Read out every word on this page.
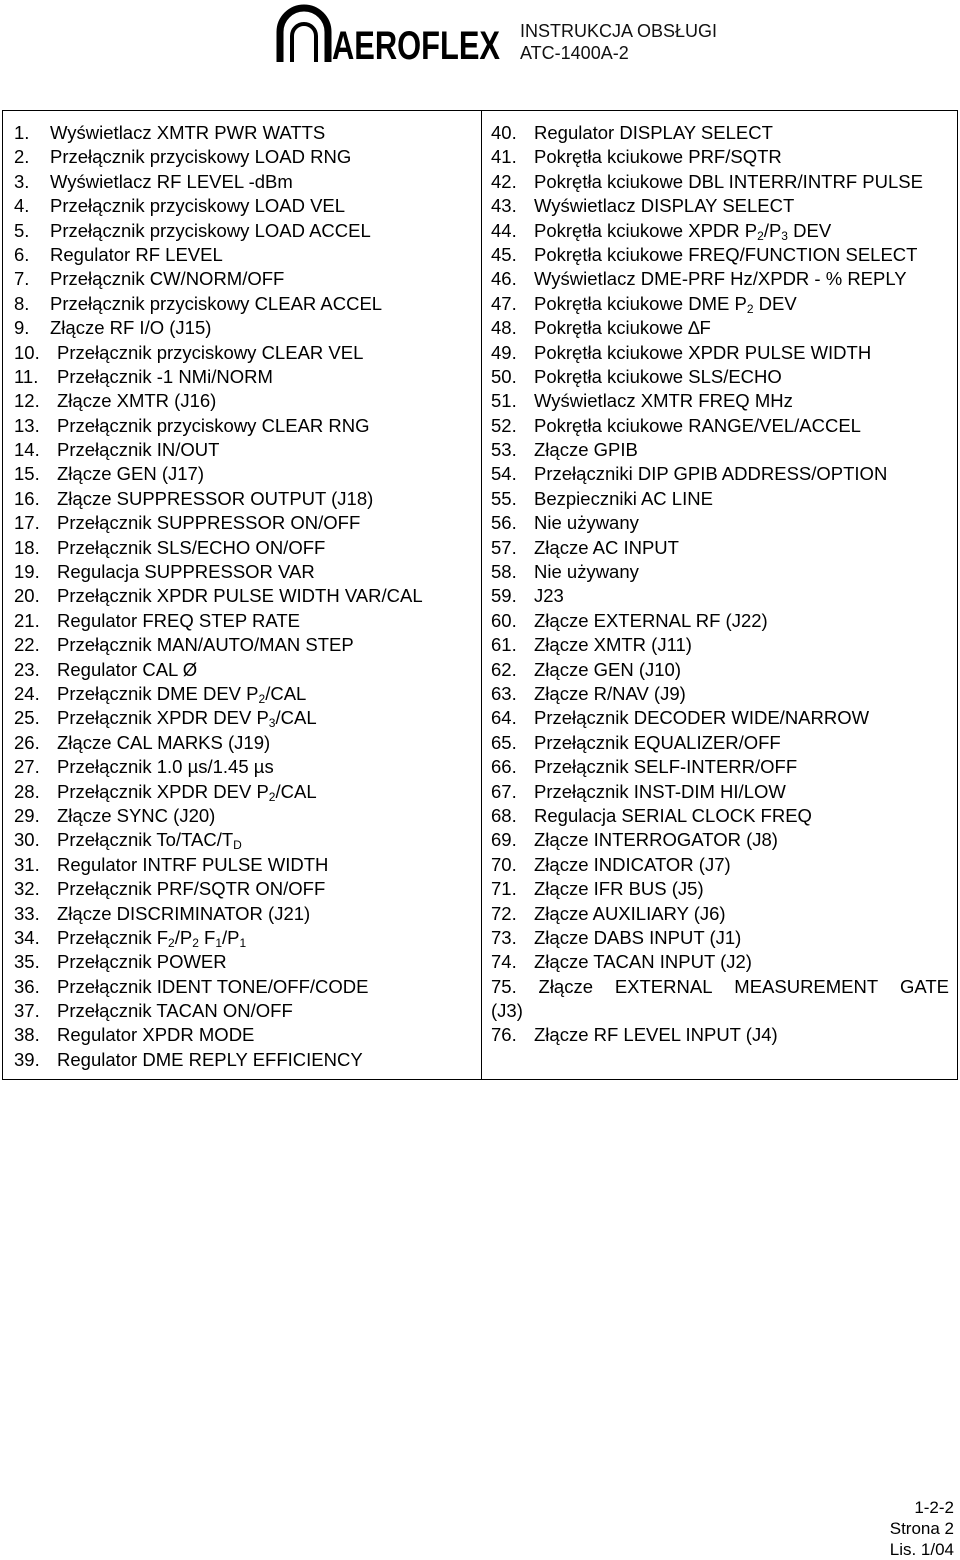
AEROFLEX INSTRUKCJA OBSŁUGI
ATC-1400A-2
1. Wyświetlacz XMTR PWR WATTS
2. Przełącznik przyciskowy LOAD RNG
3. Wyświetlacz RF LEVEL -dBm
4. Przełącznik przyciskowy LOAD VEL
5. Przełącznik przyciskowy LOAD ACCEL
6. Regulator RF LEVEL
7. Przełącznik CW/NORM/OFF
8. Przełącznik przyciskowy CLEAR ACCEL
9. Złącze RF I/O (J15)
10. Przełącznik przyciskowy CLEAR VEL
11. Przełącznik -1 NMi/NORM
12. Złącze XMTR (J16)
13. Przełącznik przyciskowy CLEAR RNG
14. Przełącznik IN/OUT
15. Złącze GEN (J17)
16. Złącze SUPPRESSOR OUTPUT (J18)
17. Przełącznik SUPPRESSOR ON/OFF
18. Przełącznik SLS/ECHO ON/OFF
19. Regulacja SUPPRESSOR VAR
20. Przełącznik XPDR PULSE WIDTH VAR/CAL
21. Regulator FREQ STEP RATE
22. Przełącznik MAN/AUTO/MAN STEP
23. Regulator CAL Ø
24. Przełącznik DME DEV $P_2$/CAL
25. Przełącznik XPDR DEV $P_3$/CAL
26. Złącze CAL MARKS (J19)
27. Przełącznik 1.0 µs/1.45 µs
28. Przełącznik XPDR DEV $P_2$/CAL
29. Złącze SYNC (J20)
30. Przełącznik $To/TAC/T_D$
31. Regulator INTRF PULSE WIDTH
32. Przełącznik PRF/SQTR ON/OFF
33. Złącze DISCRIMINATOR (J21)
34. Przełącznik $F_2/P_2$ $F_1/P_1$
35. Przełącznik POWER
36. Przełącznik IDENT TONE/OFF/CODE
37. Przełącznik TACAN ON/OFF
38. Regulator XPDR MODE
39. Regulator DME REPLY EFFICIENCY
40. Regulator DISPLAY SELECT
41. Pokrętła kciukowe PRF/SQTR
42. Pokrętła kciukowe DBL INTERR/INTRF PULSE
43. Wyświetlacz DISPLAY SELECT
44. Pokrętła kciukowe XPDR $P_2/P_3$ DEV
45. Pokrętła kciukowe FREQ/FUNCTION SELECT
46. Wyświetlacz DME-PRF Hz/XPDR - % REPLY
47. Pokrętła kciukowe DME $P_2$ DEV
48. Pokrętła kciukowe ∆F
49. Pokrętła kciukowe XPDR PULSE WIDTH
50. Pokrętła kciukowe SLS/ECHO
51. Wyświetlacz XMTR FREQ MHz
52. Pokrętła kciukowe RANGE/VEL/ACCEL
53. Złącze GPIB
54. Przełączniki DIP GPIB ADDRESS/OPTION
55. Bezpieczniki AC LINE
56. Nie używany
57. Złącze AC INPUT
58. Nie używany
59. J23
60. Złącze EXTERNAL RF (J22)
61. Złącze XMTR (J11)
62. Złącze GEN (J10)
63. Złącze R/NAV (J9)
64. Przełącznik DECODER WIDE/NARROW
65. Przełącznik EQUALIZER/OFF
66. Przełącznik SELF-INTERR/OFF
67. Przełącznik INST-DIM HI/LOW
68. Regulacja SERIAL CLOCK FREQ
69. Złącze INTERROGATOR (J8)
70. Złącze INDICATOR (J7)
71. Złącze IFR BUS (J5)
72. Złącze AUXILIARY (J6)
73. Złącze DABS INPUT (J1)
74. Złącze TACAN INPUT (J2)
75. Złącze EXTERNAL MEASUREMENT GATE
(J3)
76. Złącze RF LEVEL INPUT (J4)
1-2-2
Strona 2
Lis. 1/04
